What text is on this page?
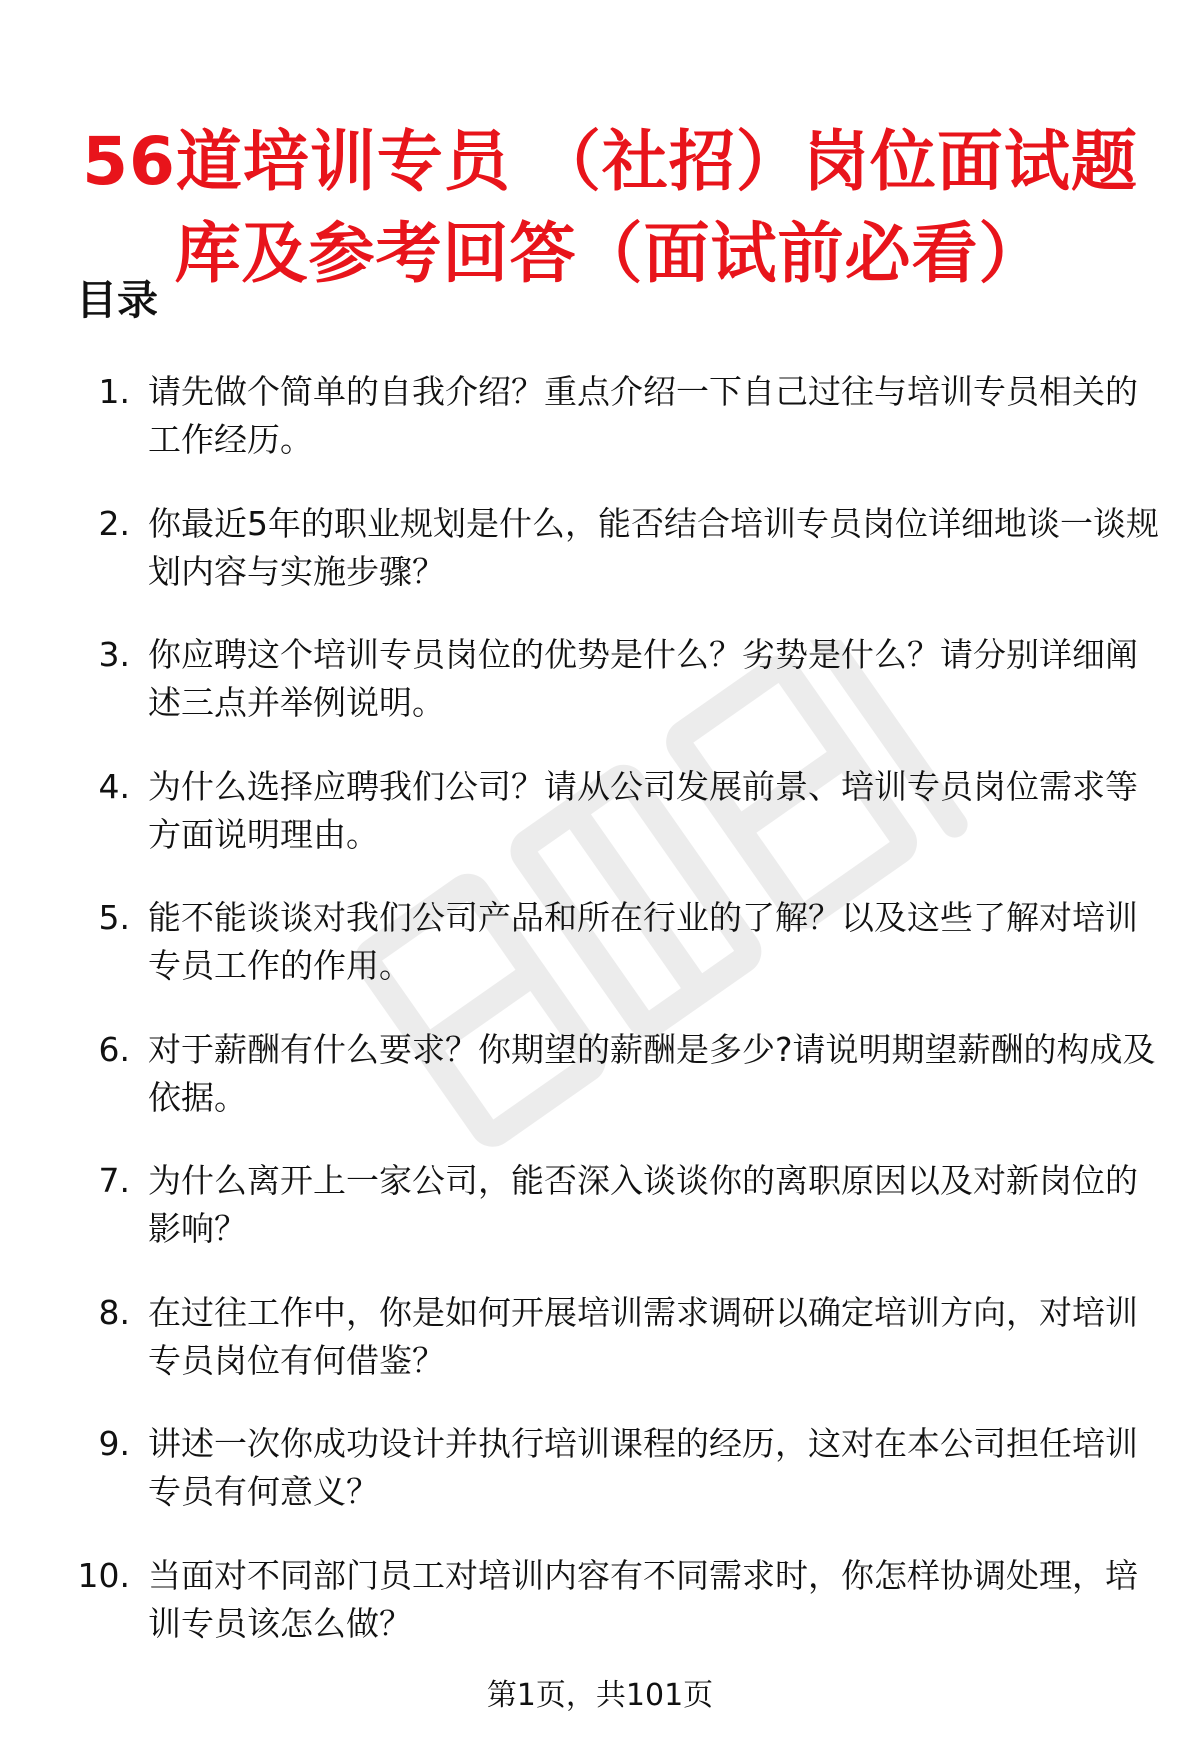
56道培训专员 （社招）岗位面试题库及参考回答（面试前必看）
目录
1. 请先做个简单的自我介绍？重点介绍一下自己过往与培训专员相关的工作经历。
2. 你最近5年的职业规划是什么，能否结合培训专员岗位详细地谈一谈规划内容与实施步骤？
3. 你应聘这个培训专员岗位的优势是什么？劣势是什么？请分别详细阐述三点并举例说明。
4. 为什么选择应聘我们公司？请从公司发展前景、培训专员岗位需求等方面说明理由。
5. 能不能谈谈对我们公司产品和所在行业的了解？以及这些了解对培训专员工作的作用。
6. 对于薪酬有什么要求？你期望的薪酬是多少?请说明期望薪酬的构成及依据。
7. 为什么离开上一家公司，能否深入谈谈你的离职原因以及对新岗位的影响？
8. 在过往工作中，你是如何开展培训需求调研以确定培训方向，对培训专员岗位有何借鉴？
9. 讲述一次你成功设计并执行培训课程的经历，这对在本公司担任培训专员有何意义？
10. 当面对不同部门员工对培训内容有不同需求时，你怎样协调处理，培训专员该怎么做？
第1页，共101页
